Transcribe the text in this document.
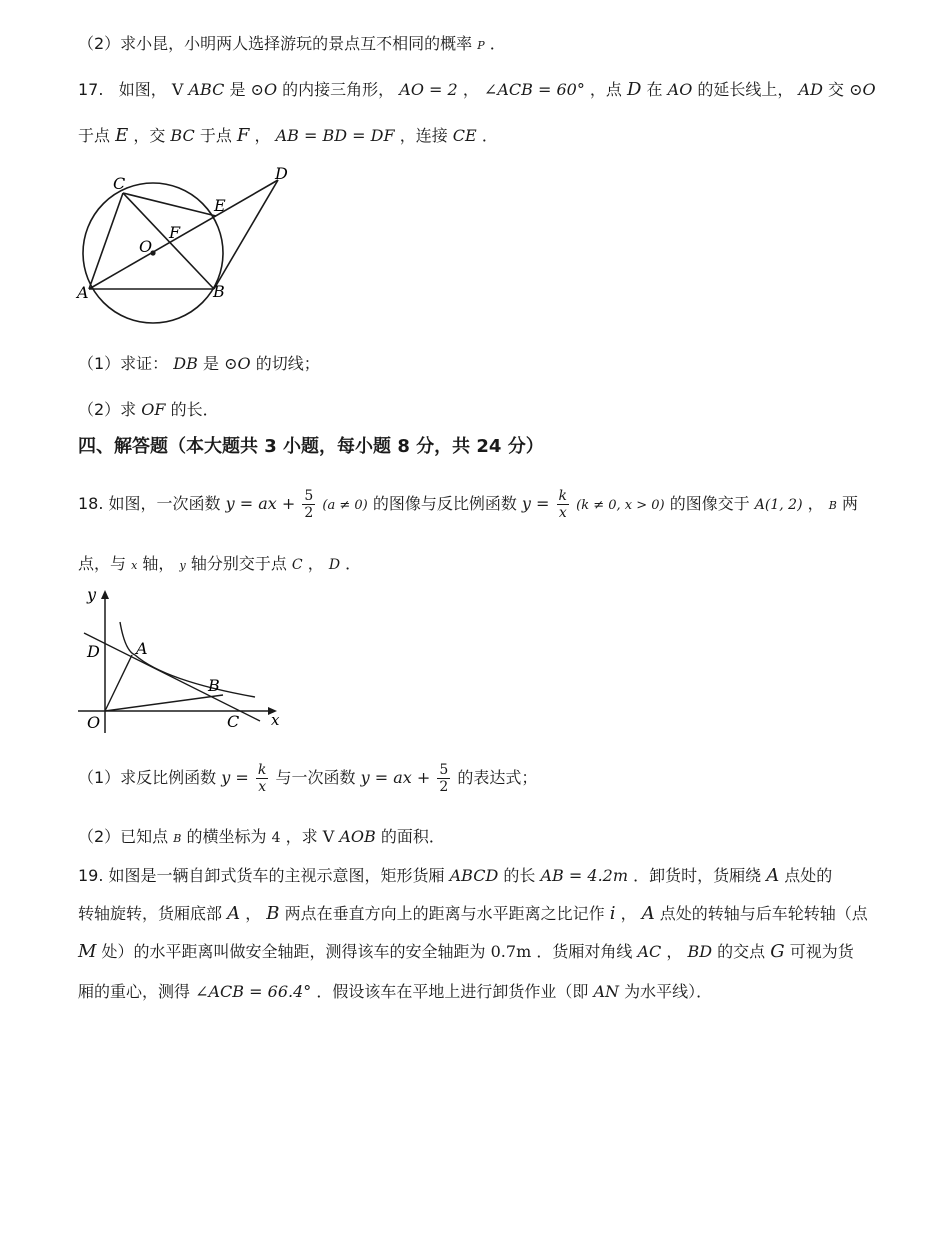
（2）求小昆，小明两人选择游玩的景点互不相同的概率 P ．
17. 如图， V ABC 是 ⊙O 的内接三角形， AO = 2 ， ∠ACB = 60° ，点 D 在 AO 的延长线上， AD 交 ⊙O
于点 E ，交 BC 于点 F ， AB = BD = DF ，连接 CE ．
C
D
E
O
F
A	B
（1）求证： DB 是 ⊙O 的切线；
（2）求 OF 的长．
四、解答题（本大题共 3 小题，每小题 8 分，共 24 分）
18. 如图，一次函数 y = ax + $\frac{5}{2} (a \ne 0)$ 的图像与反比例函数 $y = \frac{k}{x} (k \ne 0$, x > 0) 的图像交于 A(1, 2) ， B 两
点，与 x 轴， y 轴分别交于点 C ， D ．
y
x
D A
B
O	C
（1）求反比例函数 $y = \frac{k}{x}$ 与一次函数 y = ax + $\frac{5}{2}$ 的表达式；
（2）已知点 B 的横坐标为 4 ，求 V AOB 的面积．
19. 如图是一辆自卸式货车的主视示意图，矩形货厢 ABCD 的长 AB = 4.2m ．卸货时，货厢绕 A 点处的
转轴旋转，货厢底部 A ， B 两点在垂直方向上的距离与水平距离之比记作 i ， A 点处的转轴与后车轮转轴（点
M 处）的水平距离叫做安全轴距，测得该车的安全轴距为 0.7m ．货厢对角线 AC ， BD 的交点 G 可视为货
厢的重心，测得 ∠ACB = 66.4° ．假设该车在平地上进行卸货作业（即 AN 为水平线）．
